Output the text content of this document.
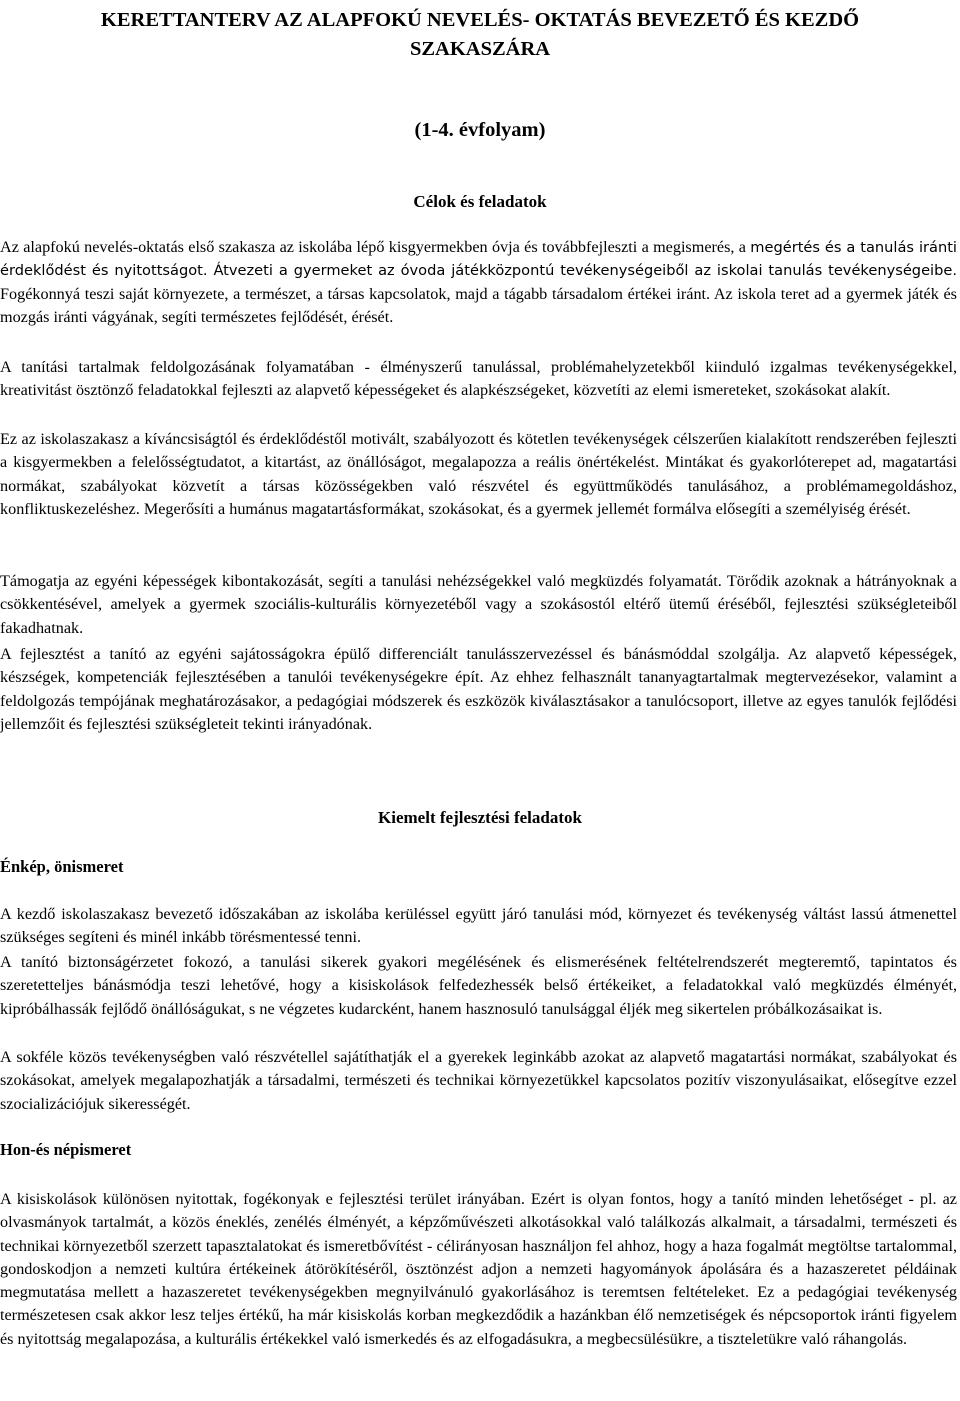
KERETTANTERV AZ ALAPFOKÚ NEVELÉS- OKTATÁS BEVEZETŐ ÉS KEZDŐ
SZAKASZÁRA
(1-4. évfolyam)
Célok és feladatok

Az alapfokú nevelés-oktatás első szakasza az iskolába lépő kisgyermekben óvja és továbbfejleszti a megismerés, a megértés és a tanulás iránti érdeklődést és nyitottságot. Átvezeti a gyermeket az óvoda játékközpontú tevékenységeiből az iskolai tanulás tevékenységeibe. Fogékonnyá teszi saját környezete, a természet, a társas kapcsolatok, majd a tágabb társadalom értékei iránt. Az iskola teret ad a gyermek játék és mozgás iránti vágyának, segíti természetes fejlődését, érését.

A tanítási tartalmak feldolgozásának folyamatában - élményszerű tanulással, problémahelyzetekből kiinduló izgalmas tevékenységekkel, kreativitást ösztönző feladatokkal fejleszti az alapvető képességeket és alapkészségeket, közvetíti az elemi ismereteket, szokásokat alakít.

Ez az iskolaszakasz a kíváncsiságtól és érdeklődéstől motivált, szabályozott és kötetlen tevékenységek célszerűen kialakított rendszerében fejleszti a kisgyermekben a felelősségtudatot, a kitartást, az önállóságot, megalapozza a reális önértékelést. Mintákat és gyakorlóterepet ad, magatartási normákat, szabályokat közvetít a társas közösségekben való részvétel és együttműködés tanulásához, a problémamegoldáshoz, konfliktuskezeléshez. Megerősíti a humánus magatartásformákat, szokásokat, és a gyermek jellemét formálva elősegíti a személyiség érését.

Támogatja az egyéni képességek kibontakozását, segíti a tanulási nehézségekkel való megküzdés folyamatát. Törődik azoknak a hátrányoknak a csökkentésével, amelyek a gyermek szociális-kulturális környezetéből vagy a szokásostól eltérő ütemű éréséből, fejlesztési szükségleteiből fakadhatnak.

A fejlesztést a tanító az egyéni sajátosságokra épülő differenciált tanulásszervezéssel és bánásmóddal szolgálja. Az alapvető képességek, készségek, kompetenciák fejlesztésében a tanulói tevékenységekre épít. Az ehhez felhasznált tananyagtartalmak megtervezésekor, valamint a feldolgozás tempójának meghatározásakor, a pedagógiai módszerek és eszközök kiválasztásakor a tanulócsoport, illetve az egyes tanulók fejlődési jellemzőit és fejlesztési szükségleteit tekinti irányadónak.

Kiemelt fejlesztési feladatok
Énkép, önismeret

A kezdő iskolaszakasz bevezető időszakában az iskolába kerüléssel együtt járó tanulási mód, környezet és tevékenység váltást lassú átmenettel szükséges segíteni és minél inkább törésmentessé tenni.

A tanító biztonságérzetet fokozó, a tanulási sikerek gyakori megélésének és elismerésének feltételrendszerét megteremtő, tapintatos és szeretetteljes bánásmódja teszi lehetővé, hogy a kisiskolások felfedezhessék belső értékeiket, a feladatokkal való megküzdés élményét, kipróbálhassák fejlődő önállóságukat, s ne végzetes kudarcként, hanem hasznosuló tanulsággal éljék meg sikertelen próbálkozásaikat is.

A sokféle közös tevékenységben való részvétellel sajátíthatják el a gyerekek leginkább azokat az alapvető magatartási normákat, szabályokat és szokásokat, amelyek megalapozhatják a társadalmi, természeti és technikai környezetükkel kapcsolatos pozitív viszonyulásaikat, elősegítve ezzel szocializációjuk sikerességét.

Hon-és népismeret

A kisiskolások különösen nyitottak, fogékonyak e fejlesztési terület irányában. Ezért is olyan fontos, hogy a tanító minden lehetőséget - pl. az olvasmányok tartalmát, a közös éneklés, zenélés élményét, a képzőművészeti alkotásokkal való találkozás alkalmait, a társadalmi, természeti és technikai környezetből szerzett tapasztalatokat és ismeretbővítést - célirányosan használjon fel ahhoz, hogy a haza fogalmát megtöltse tartalommal, gondoskodjon a nemzeti kultúra értékeinek átörökítéséről, ösztönzést adjon a nemzeti hagyományok ápolására és a hazaszeretet példáinak megmutatása mellett a hazaszeretet tevékenységekben megnyilvánuló gyakorlásához is teremtsen feltételeket. Ez a pedagógiai tevékenység természetesen csak akkor lesz teljes értékű, ha már kisiskolás korban megkezdődik a hazánkban élő nemzetiségek és népcsoportok iránti figyelem és nyitottság megalapozása, a kulturális értékekkel való ismerkedés és az elfogadásukra, a megbecsülésükre, a tiszteletükre való ráhangolás.
